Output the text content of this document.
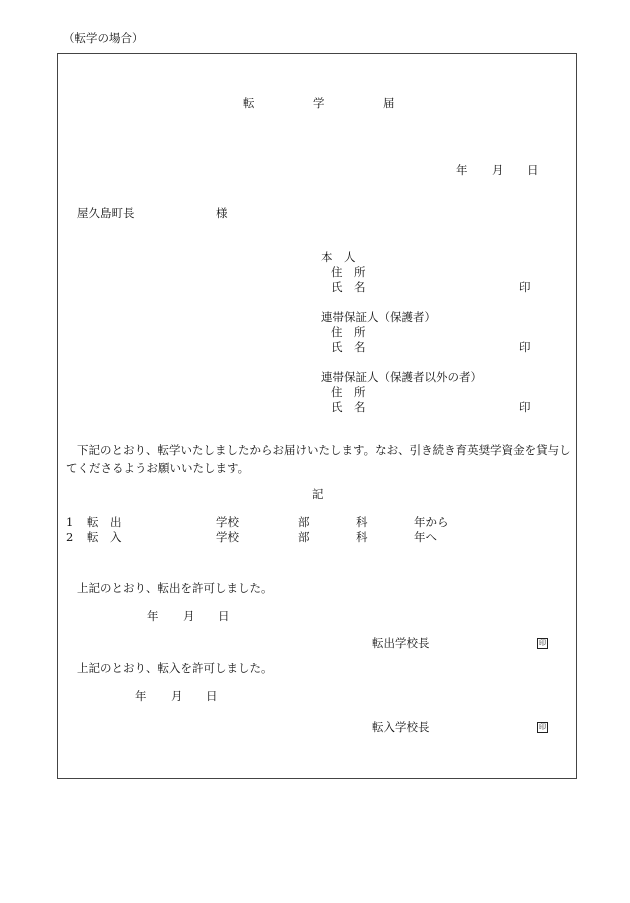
（転学の場合）
転	学	届
年 月 日
屋久島町長	様
本　人
住　所
氏　名	印
連帯保証人（保護者）
住　所
氏　名	印
連帯保証人（保護者以外の者）
住　所
氏　名	印
下記のとおり、転学いたしましたからお届けいたします。なお、引き続き育英奨学資金を貸与してくださるようお願いいたします。
記
1 転　出	学校	部	科	年から
2 転　入	学校	部	科	年へ
上記のとおり、転出を許可しました。
年 月 日
転出学校長	印
上記のとおり、転入を許可しました。
年 月 日
転入学校長	印
